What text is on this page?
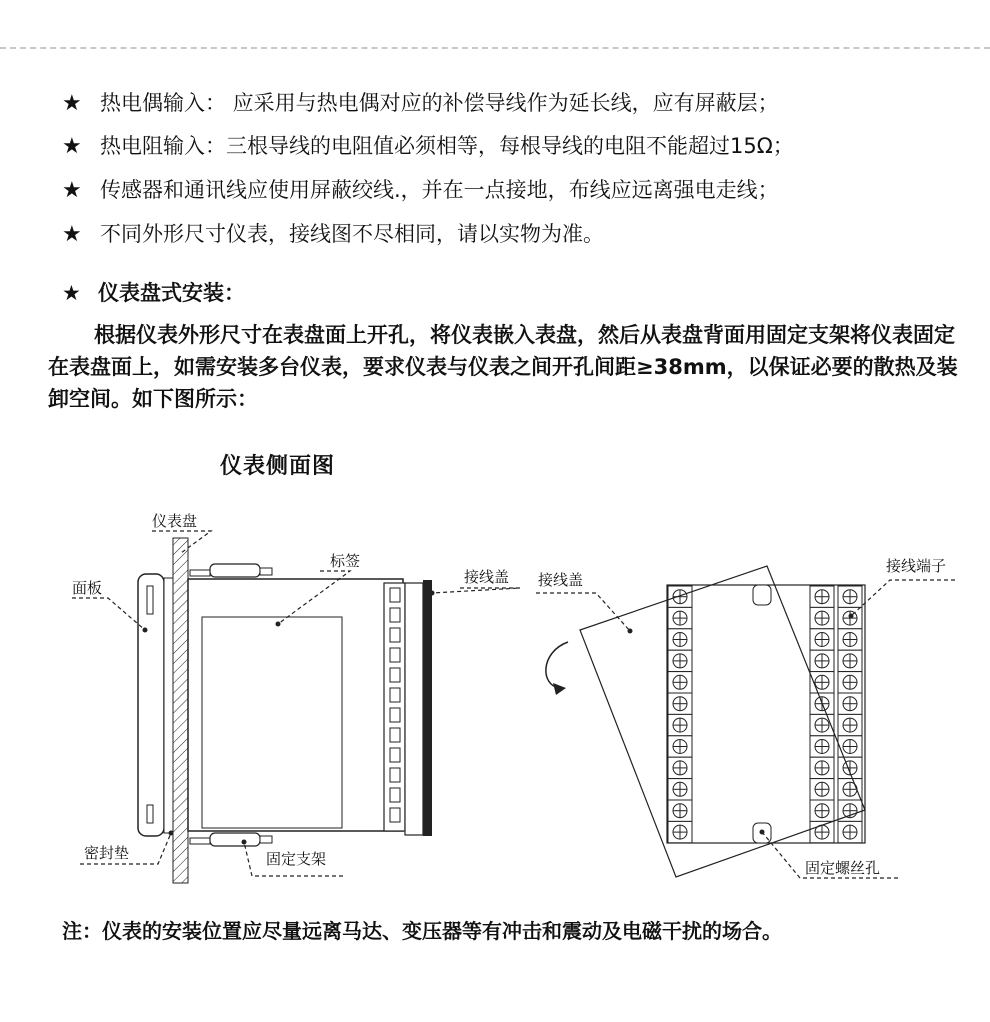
★ 热电偶输入： 应采用与热电偶对应的补偿导线作为延长线，应有屏蔽层；
★ 热电阻输入：三根导线的电阻值必须相等，每根导线的电阻不能超过15Ω；
★ 传感器和通讯线应使用屏蔽绞线.，并在一点接地，布线应远离强电走线；
★ 不同外形尺寸仪表，接线图不尽相同，请以实物为准。
★ 仪表盘式安装：
根据仪表外形尺寸在表盘面上开孔，将仪表嵌入表盘，然后从表盘背面用固定支架将仪表固定在表盘面上，如需安装多台仪表，要求仪表与仪表之间开孔间距≥38mm，以保证必要的散热及装卸空间。如下图所示：
仪表侧面图
仪表盘
面板
标签
接线盖
密封垫	固定支架
接线盖
接线端子
固定螺丝孔
注：仪表的安装位置应尽量远离马达、变压器等有冲击和震动及电磁干扰的场合。
